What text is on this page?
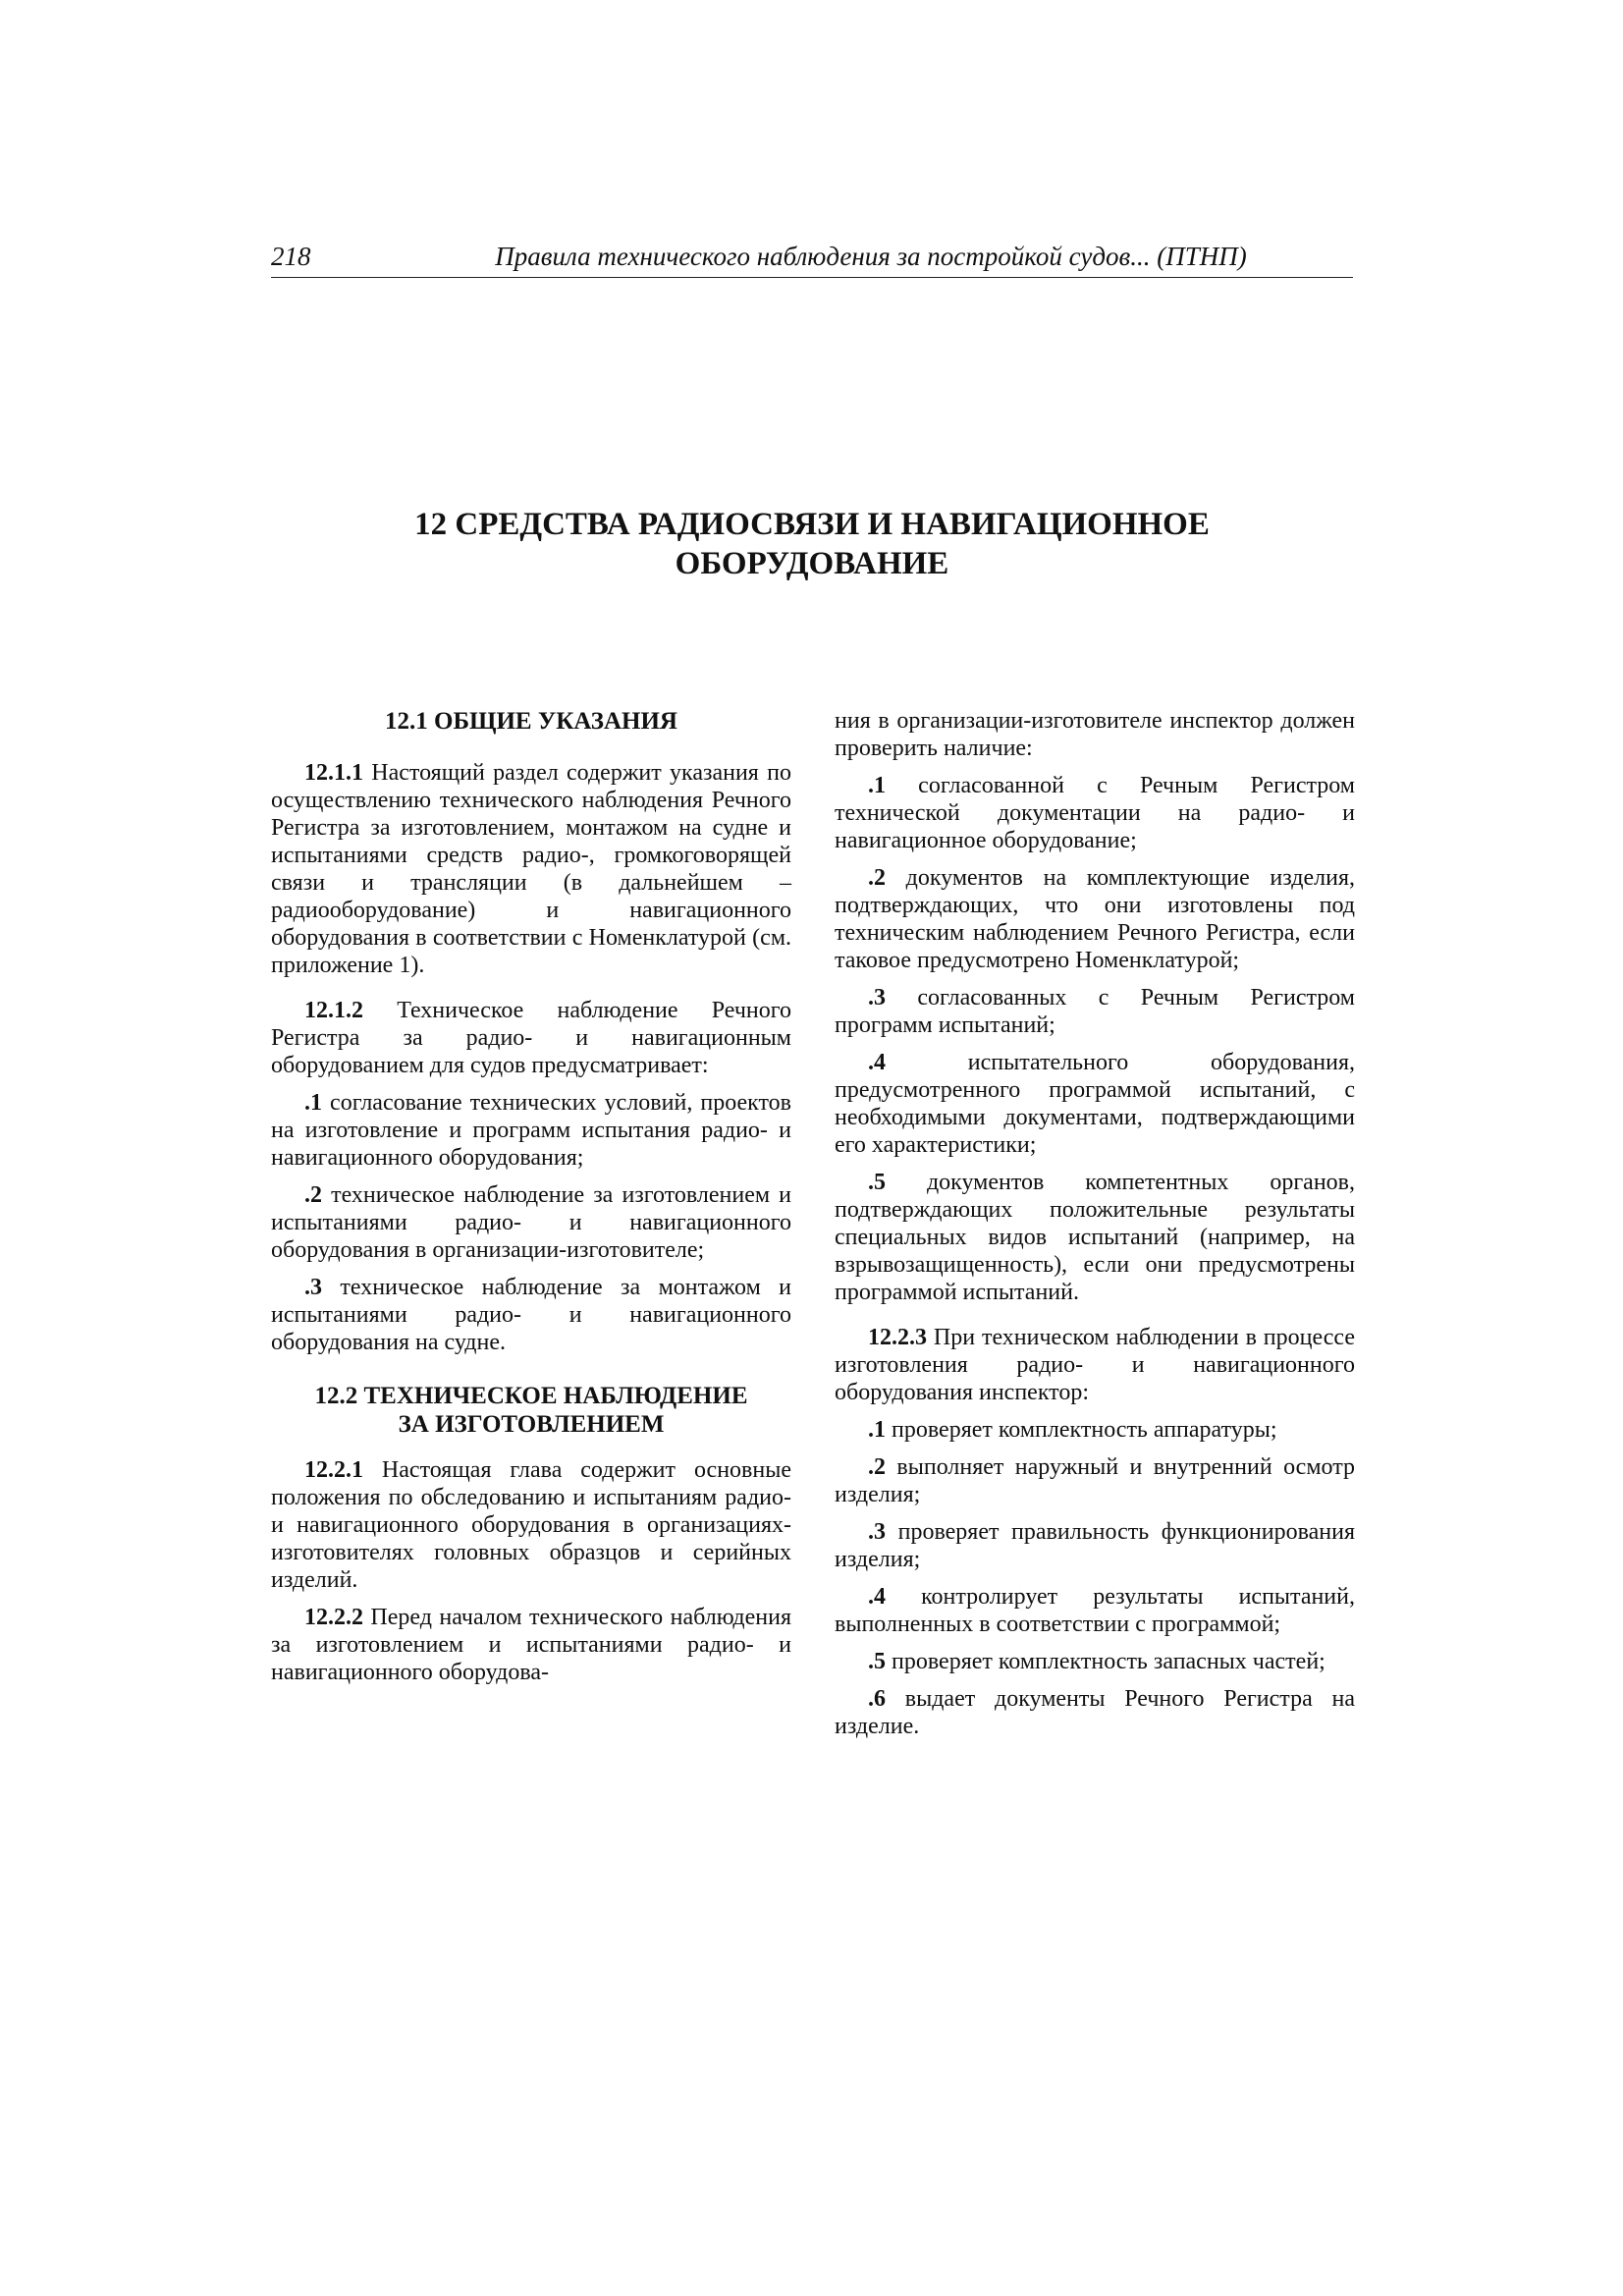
218	Правила технического наблюдения за постройкой судов... (ПТНП)
12 СРЕДСТВА РАДИОСВЯЗИ И НАВИГАЦИОННОЕ
ОБОРУДОВАНИЕ
12.1 ОБЩИЕ УКАЗАНИЯ

12.1.1 Настоящий раздел содержит указания по осуществлению технического наблюдения Речного Регистра за изготовлением, монтажом на судне и испытаниями средств радио-, громкоговорящей связи и трансляции (в дальнейшем – радиооборудование) и навигационного оборудования в соответствии с Номенклатурой (см. приложение 1).

12.1.2 Техническое наблюдение Речного Регистра за радио- и навигационным оборудованием для судов предусматривает:

.1 согласование технических условий, проектов на изготовление и программ испытания радио- и навигационного оборудования;

.2 техническое наблюдение за изготовлением и испытаниями радио- и навигационного оборудования в организации-изготовителе;

.3 техническое наблюдение за монтажом и испытаниями радио- и навигационного оборудования на судне.

12.2 ТЕХНИЧЕСКОЕ НАБЛЮДЕНИЕ
ЗА ИЗГОТОВЛЕНИЕМ

12.2.1 Настоящая глава содержит основные положения по обследованию и испытаниям радио- и навигационного оборудования в организациях-изготовителях головных образцов и серийных изделий.

12.2.2 Перед началом технического наблюдения за изготовлением и испытаниями радио- и навигационного оборудова-

ния в организации-изготовителе инспектор должен проверить наличие:

.1 согласованной с Речным Регистром технической документации на радио- и навигационное оборудование;

.2 документов на комплектующие изделия, подтверждающих, что они изготовлены под техническим наблюдением Речного Регистра, если таковое предусмотрено Номенклатурой;

.3 согласованных с Речным Регистром программ испытаний;

.4 испытательного оборудования, предусмотренного программой испытаний, с необходимыми документами, подтверждающими его характеристики;

.5 документов компетентных органов, подтверждающих положительные результаты специальных видов испытаний (например, на взрывозащищенность), если они предусмотрены программой испытаний.

12.2.3 При техническом наблюдении в процессе изготовления радио- и навигационного оборудования инспектор:

.1 проверяет комплектность аппаратуры;

.2 выполняет наружный и внутренний осмотр изделия;

.3 проверяет правильность функционирования изделия;

.4 контролирует результаты испытаний, выполненных в соответствии с программой;

.5 проверяет комплектность запасных частей;

.6 выдает документы Речного Регистра на изделие.
